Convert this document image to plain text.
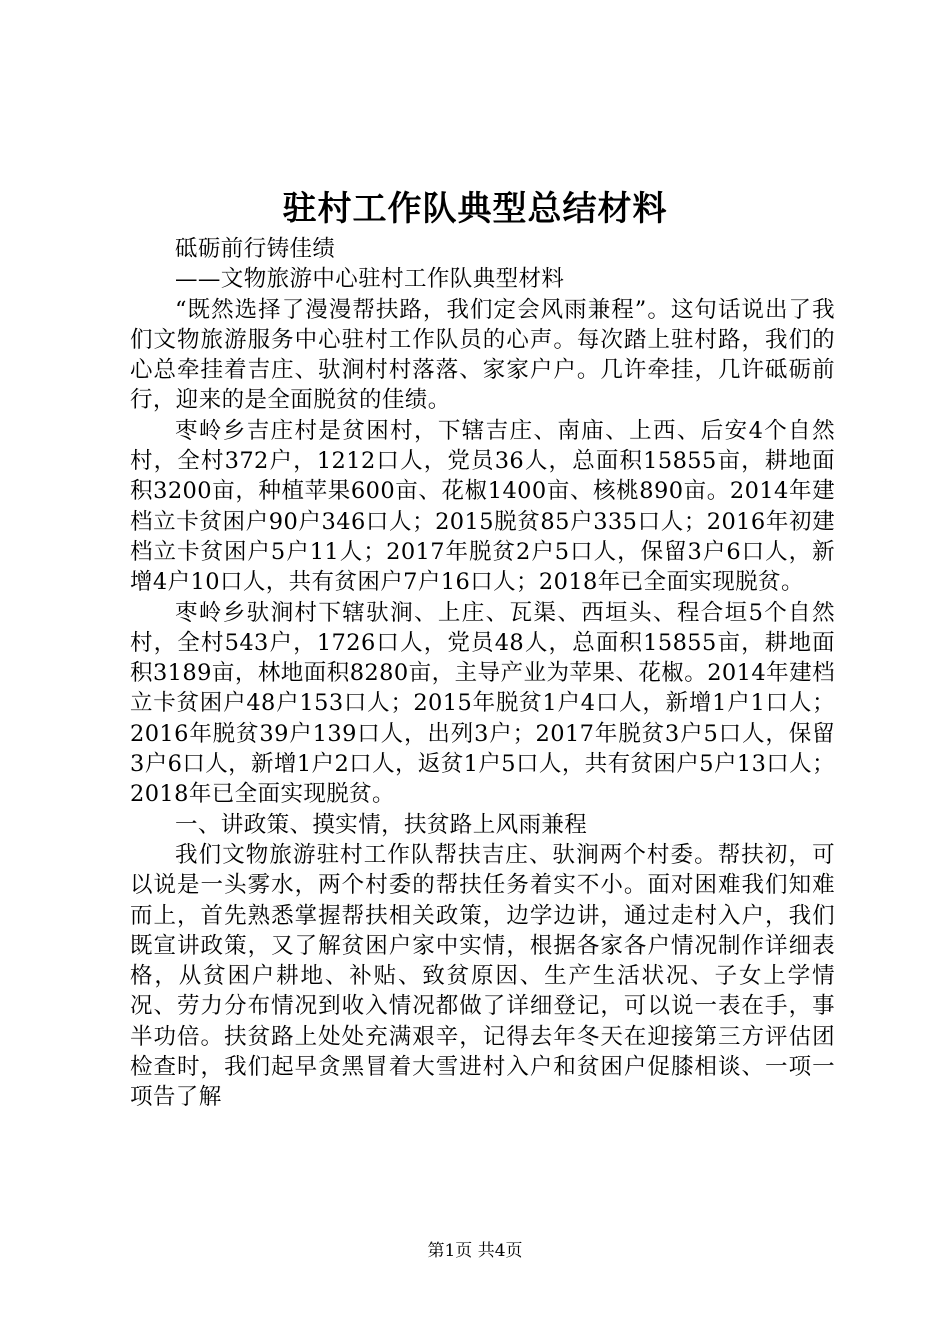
驻村工作队典型总结材料

砥砺前行铸佳绩

——文物旅游中心驻村工作队典型材料

“既然选择了漫漫帮扶路，我们定会风雨兼程”。这句话说出了我们文物旅游服务中心驻村工作队员的心声。每次踏上驻村路，我们的心总牵挂着吉庄、驮涧村村落落、家家户户。几许牵挂，几许砥砺前行，迎来的是全面脱贫的佳绩。

枣岭乡吉庄村是贫困村，下辖吉庄、南庙、上西、后安4个自然村，全村372户，1212口人，党员36人，总面积15855亩，耕地面积3200亩，种植苹果600亩、花椒1400亩、核桃890亩。2014年建档立卡贫困户90户346口人；2015脱贫85户335口人；2016年初建档立卡贫困户5户11人；2017年脱贫2户5口人，保留3户6口人，新增4户10口人，共有贫困户7户16口人；2018年已全面实现脱贫。

枣岭乡驮涧村下辖驮涧、上庄、瓦渠、西垣头、程合垣5个自然村，全村543户，1726口人，党员48人，总面积15855亩，耕地面积3189亩，林地面积8280亩，主导产业为苹果、花椒。2014年建档立卡贫困户48户153口人；2015年脱贫1户4口人，新增1户1口人；2016年脱贫39户139口人，出列3户；2017年脱贫3户5口人，保留3户6口人，新增1户2口人，返贫1户5口人，共有贫困户5户13口人；2018年已全面实现脱贫。

一、讲政策、摸实情，扶贫路上风雨兼程

我们文物旅游驻村工作队帮扶吉庄、驮涧两个村委。帮扶初，可以说是一头雾水，两个村委的帮扶任务着实不小。面对困难我们知难而上，首先熟悉掌握帮扶相关政策，边学边讲，通过走村入户，我们既宣讲政策，又了解贫困户家中实情，根据各家各户情况制作详细表格，从贫困户耕地、补贴、致贫原因、生产生活状况、子女上学情况、劳力分布情况到收入情况都做了详细登记，可以说一表在手，事半功倍。扶贫路上处处充满艰辛，记得去年冬天在迎接第三方评估团检查时，我们起早贪黑冒着大雪进村入户和贫困户促膝相谈、一项一项告了解

第1页 共4页
